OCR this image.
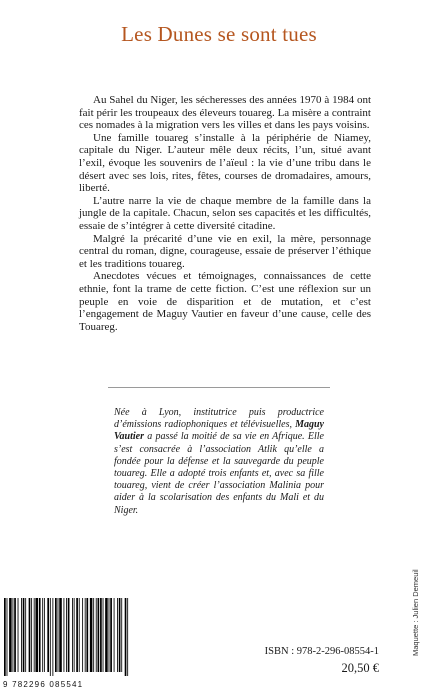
Les Dunes se sont tues

Au Sahel du Niger, les sécheresses des années 1970 à 1984 ont fait périr les troupeaux des éleveurs touareg. La misère a contraint ces nomades à la migration vers les villes et dans les pays voisins.

Une famille touareg s’installe à la périphérie de Niamey, capitale du Niger. L’auteur mêle deux récits, l’un, situé avant l’exil, évoque les souvenirs de l’aïeul : la vie d’une tribu dans le désert avec ses lois, rites, fêtes, courses de dromadaires, amours, liberté.

L’autre narre la vie de chaque membre de la famille dans la jungle de la capitale. Chacun, selon ses capacités et les difficultés, essaie de s’intégrer à cette diversité citadine.

Malgré la précarité d’une vie en exil, la mère, personnage central du roman, digne, courageuse, essaie de préserver l’éthique et les traditions touareg.

Anecdotes vécues et témoignages, connaissances de cette ethnie, font la trame de cette fiction. C’est une réflexion sur un peuple en voie de disparition et de mutation, et c’est l’engagement de Maguy Vautier en faveur d’une cause, celle des Touareg.

Née à Lyon, institutrice puis productrice d’émissions radiophoniques et télévisuelles, Maguy Vautier a passé la moitié de sa vie en Afrique. Elle s’est consacrée à l’association Atlik qu’elle a fondée pour la défense et la sauvegarde du peuple touareg. Elle a adopté trois enfants et, avec sa fille touareg, vient de créer l’association Malinia pour aider à la scolarisation des enfants du Mali et du Niger.
Maquette : Julien Demeuil
9 782296 085541
ISBN : 978-2-296-08554-1
20,50 €
